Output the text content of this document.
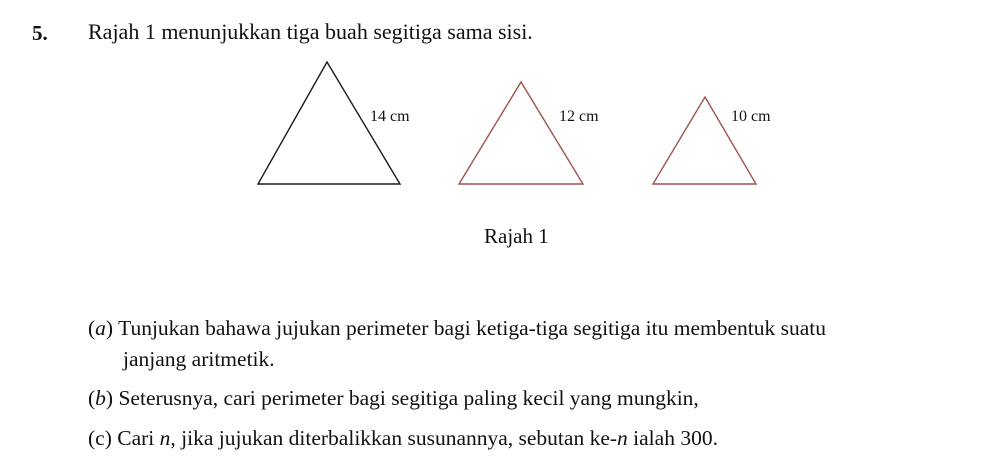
5. Rajah 1 menunjukkan tiga buah segitiga sama sisi.
14 cm	12 cm	10 cm
Rajah 1
(a) Tunjukan bahawa jujukan perimeter bagi ketiga-tiga segitiga itu membentuk suatu
janjang aritmetik.
(b) Seterusnya, cari perimeter bagi segitiga paling kecil yang mungkin,
(c) Cari n, jika jujukan diterbalikkan susunannya, sebutan ke-n ialah 300.
